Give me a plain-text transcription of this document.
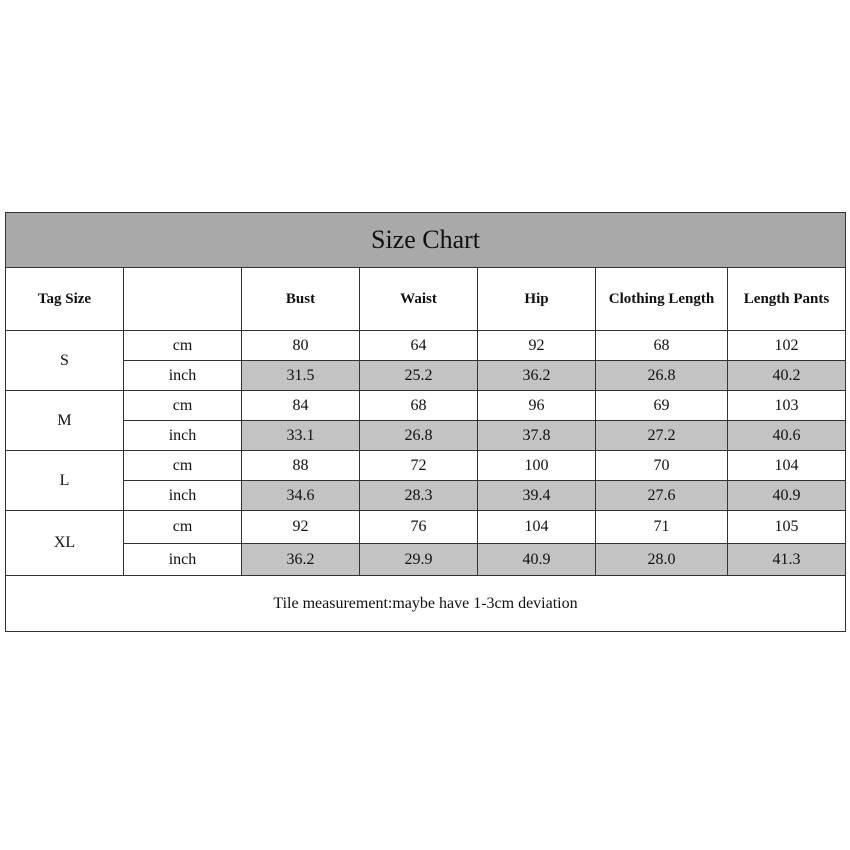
Size Chart						
Tag Size		Bust	Waist	Hip	Clothing Length	Length Pants
S	cm	80	64	92	68	102
	inch	31.5	25.2	36.2	26.8	40.2
M	cm	84	68	96	69	103
	inch	33.1	26.8	37.8	27.2	40.6
L	cm	88	72	100	70	104
	inch	34.6	28.3	39.4	27.6	40.9
XL	cm	92	76	104	71	105
	inch	36.2	29.9	40.9	28.0	41.3
Tile measurement:maybe have 1-3cm deviation						
